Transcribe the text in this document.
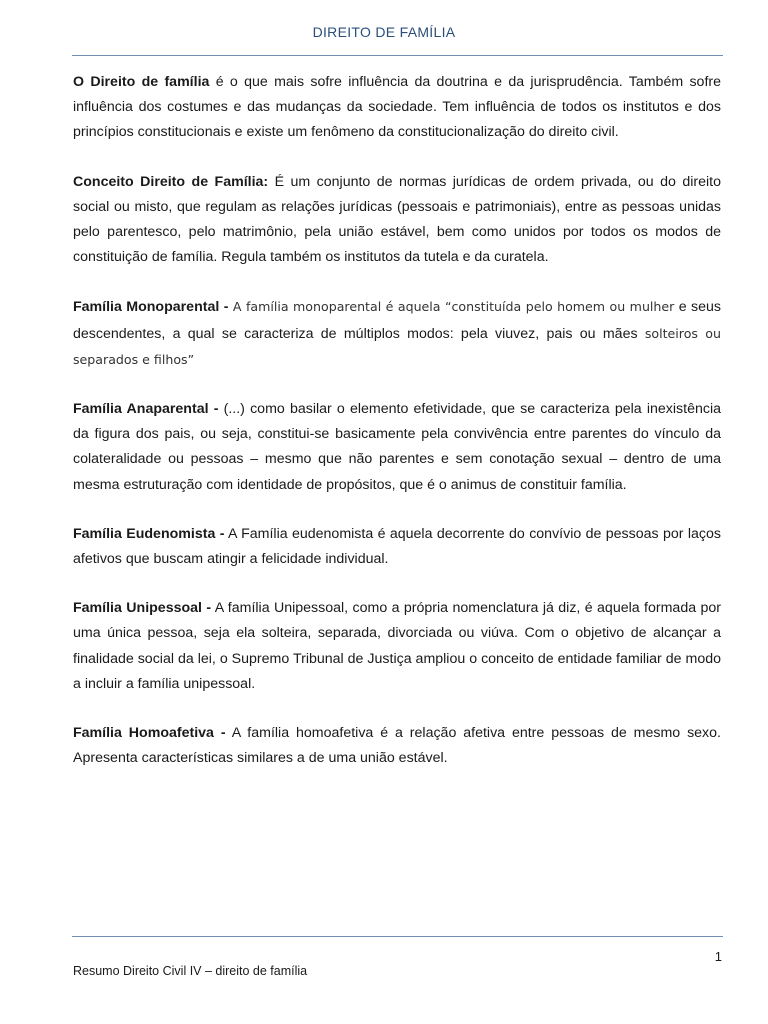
DIREITO DE FAMÍLIA

O Direito de família é o que mais sofre influência da doutrina e da jurisprudência. Também sofre influência dos costumes e das mudanças da sociedade. Tem influência de todos os institutos e dos princípios constitucionais e existe um fenômeno da constitucionalização do direito civil.

Conceito Direito de Família: É um conjunto de normas jurídicas de ordem privada, ou do direito social ou misto, que regulam as relações jurídicas (pessoais e patrimoniais), entre as pessoas unidas pelo parentesco, pelo matrimônio, pela união estável, bem como unidos por todos os modos de constituição de família. Regula também os institutos da tutela e da curatela.

Família Monoparental - A família monoparental é aquela “constituída pelo homem ou mulher e seus descendentes, a qual se caracteriza de múltiplos modos: pela viuvez, pais ou mães solteiros ou separados e filhos”

Família Anaparental - (...) como basilar o elemento efetividade, que se caracteriza pela inexistência da figura dos pais, ou seja, constitui-se basicamente pela convivência entre parentes do vínculo da colateralidade ou pessoas – mesmo que não parentes e sem conotação sexual – dentro de uma mesma estruturação com identidade de propósitos, que é o animus de constituir família.

Família Eudenomista - A Família eudenomista é aquela decorrente do convívio de pessoas por laços afetivos que buscam atingir a felicidade individual.

Família Unipessoal - A família Unipessoal, como a própria nomenclatura já diz, é aquela formada por uma única pessoa, seja ela solteira, separada, divorciada ou viúva. Com o objetivo de alcançar a finalidade social da lei, o Supremo Tribunal de Justiça ampliou o conceito de entidade familiar de modo a incluir a família unipessoal.

Família Homoafetiva - A família homoafetiva é a relação afetiva entre pessoas de mesmo sexo. Apresenta características similares a de uma união estável.

1
Resumo Direito Civil IV – direito de família
